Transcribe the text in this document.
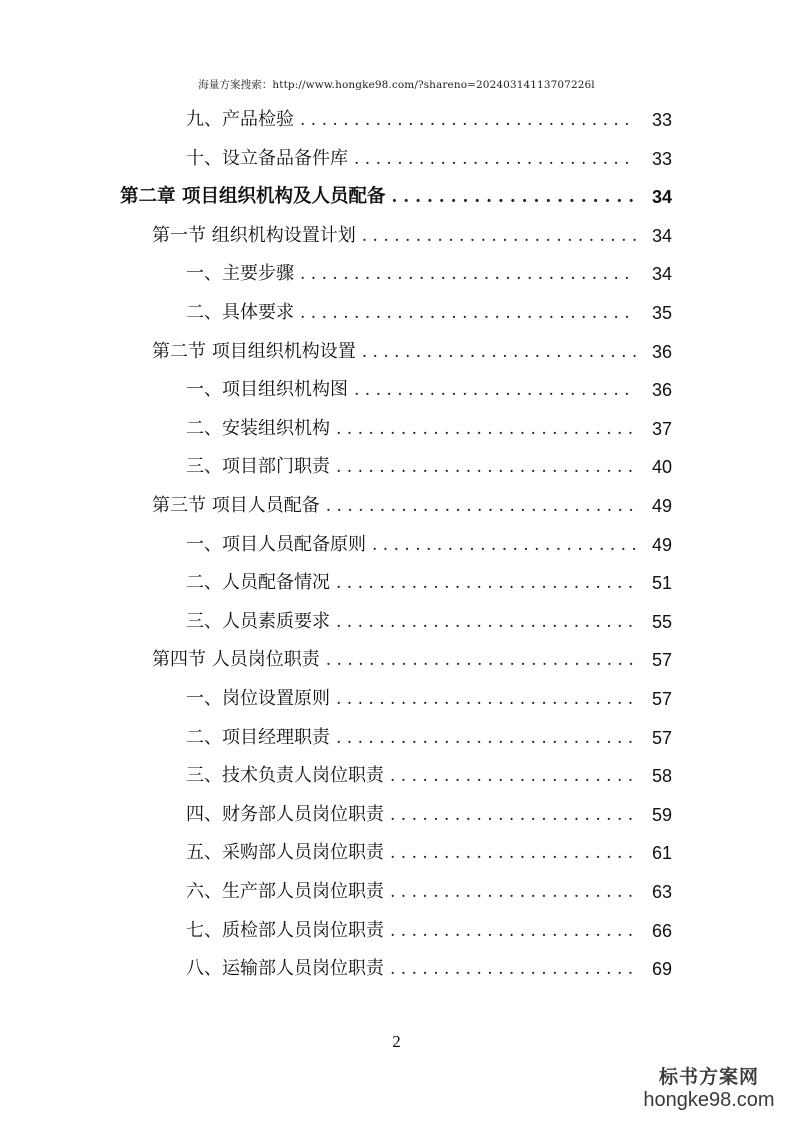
海量方案搜索：http://www.hongke98.com/?shareno=20240314113707226l
九、产品检验 . . .	33
十、设立备品备件库 . . .	33
第二章 项目组织机构及人员配备 . . .	34
第一节 组织机构设置计划 . . .	34
一、主要步骤 . . .	34
二、具体要求 . . .	35
第二节 项目组织机构设置 . . .	36
一、项目组织机构图 . . .	36
二、安装组织机构 . . .	37
三、项目部门职责 . . .	40
第三节 项目人员配备 . . .	49
一、项目人员配备原则 . . .	49
二、人员配备情况 . . .	51
三、人员素质要求 . . .	55
第四节 人员岗位职责 . . .	57
一、岗位设置原则 . . .	57
二、项目经理职责 . . .	57
三、技术负责人岗位职责 . . .	58
四、财务部人员岗位职责 . . .	59
五、采购部人员岗位职责 . . .	61
六、生产部人员岗位职责 . . .	63
七、质检部人员岗位职责 . . .	66
八、运输部人员岗位职责 . . .	69
2
标书方案网
hongke98.com
